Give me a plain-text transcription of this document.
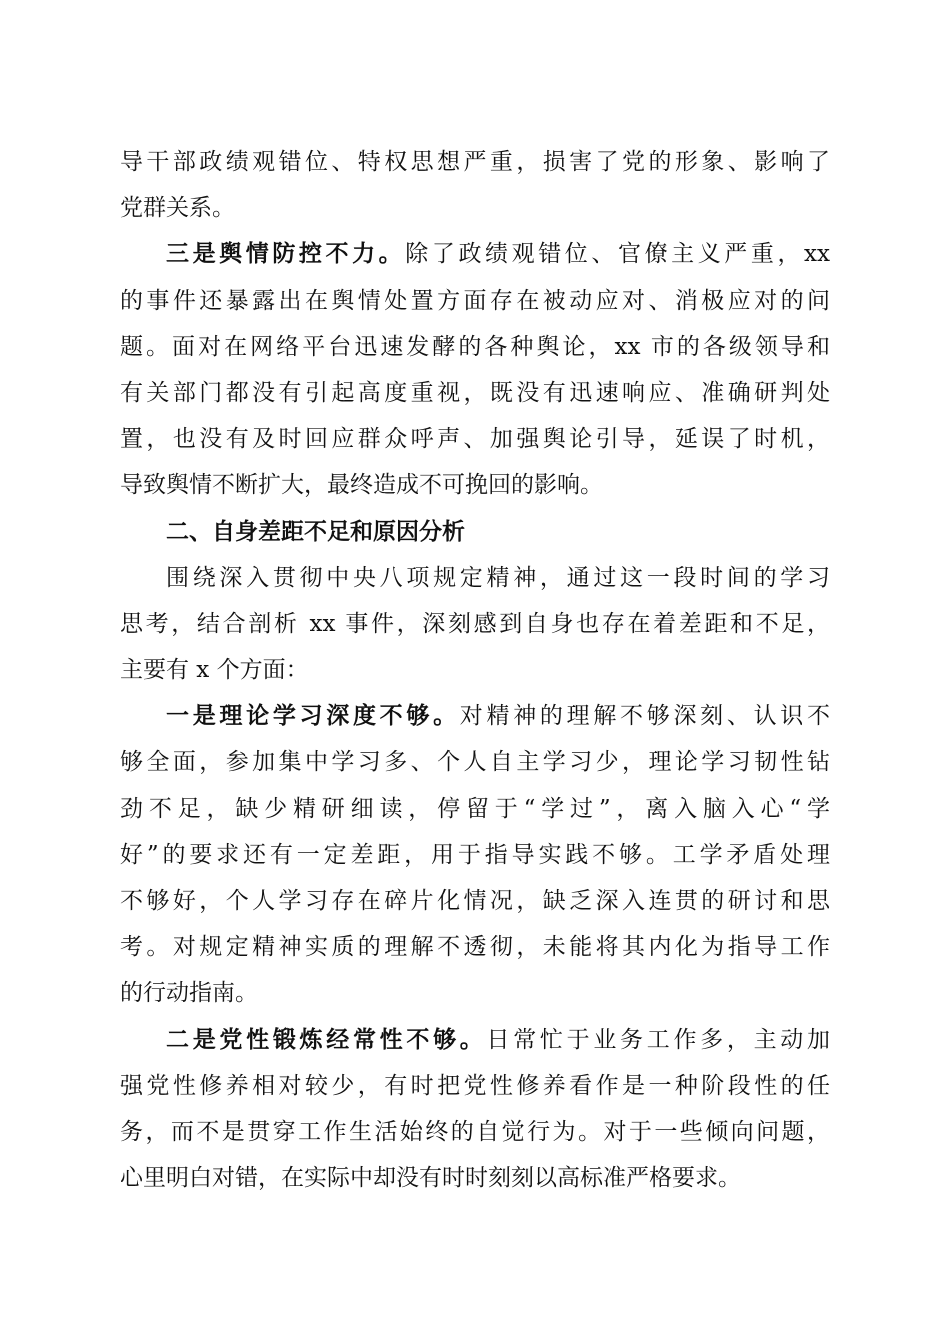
导干部政绩观错位、特权思想严重，损害了党的形象、影响了
党群关系。
三是舆情防控不力。除了政绩观错位、官僚主义严重，xx
的事件还暴露出在舆情处置方面存在被动应对、消极应对的问
题。面对在网络平台迅速发酵的各种舆论，xx 市的各级领导和
有关部门都没有引起高度重视，既没有迅速响应、准确研判处
置，也没有及时回应群众呼声、加强舆论引导，延误了时机，
导致舆情不断扩大，最终造成不可挽回的影响。
二、自身差距不足和原因分析
围绕深入贯彻中央八项规定精神，通过这一段时间的学习
思考，结合剖析 xx 事件，深刻感到自身也存在着差距和不足，
主要有 x 个方面：
一是理论学习深度不够。对精神的理解不够深刻、认识不
够全面，参加集中学习多、个人自主学习少，理论学习韧性钻
劲不足，缺少精研细读，停留于“学过”，离入脑入心“学
好”的要求还有一定差距，用于指导实践不够。工学矛盾处理
不够好，个人学习存在碎片化情况，缺乏深入连贯的研讨和思
考。对规定精神实质的理解不透彻，未能将其内化为指导工作
的行动指南。
二是党性锻炼经常性不够。日常忙于业务工作多，主动加
强党性修养相对较少，有时把党性修养看作是一种阶段性的任
务，而不是贯穿工作生活始终的自觉行为。对于一些倾向问题，
心里明白对错，在实际中却没有时时刻刻以高标准严格要求。
